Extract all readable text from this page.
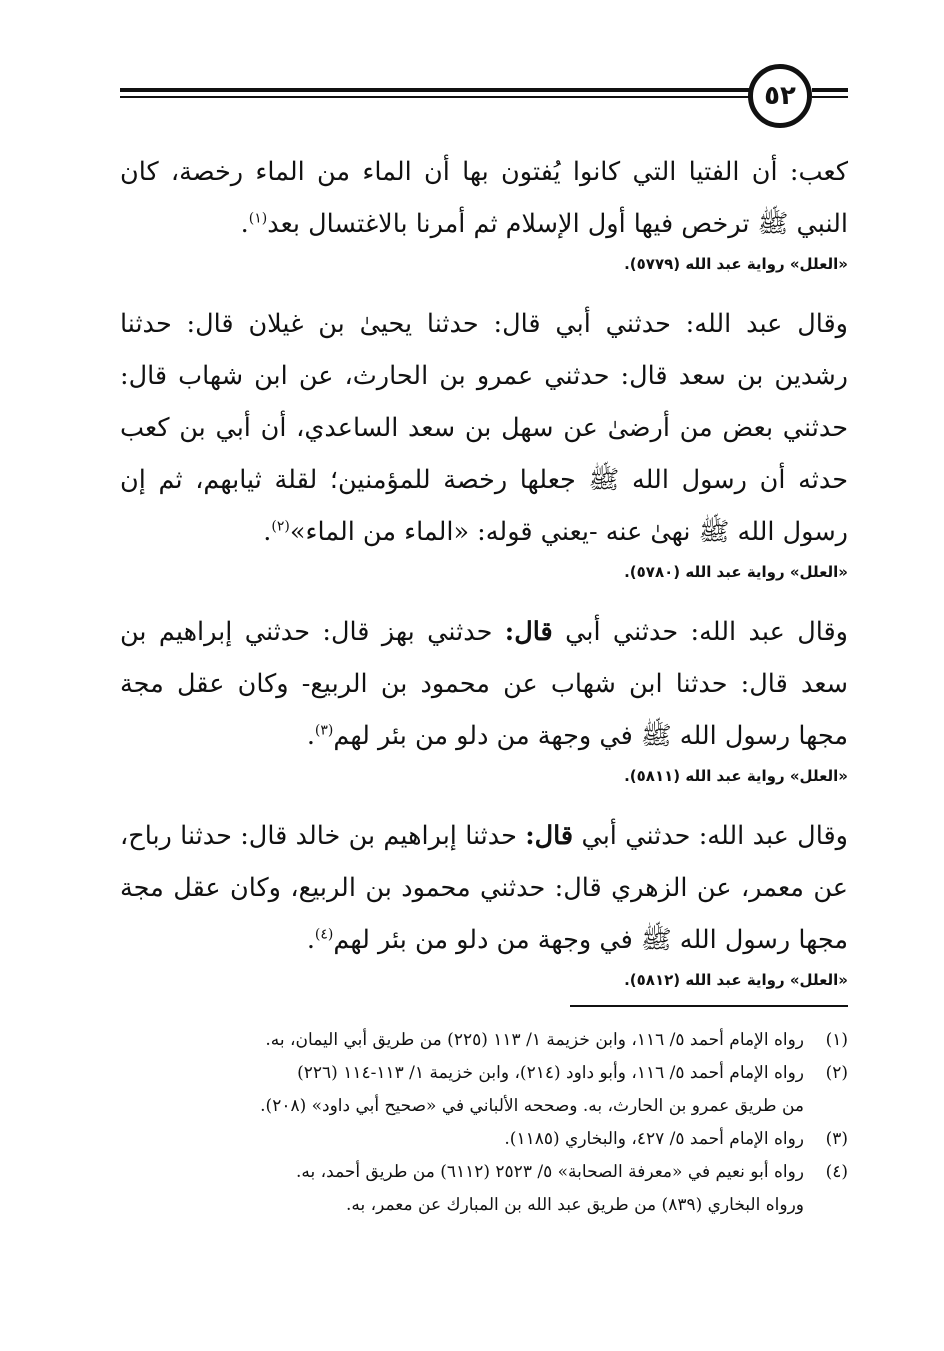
٥٢

كعب: أن الفتيا التي كانوا يُفتون بها أن الماء من الماء رخصة، كان النبي ﷺ ترخص فيها أول الإسلام ثم أمرنا بالاغتسال بعد$^{(١)}$.

«العلل» رواية عبد الله (٥٧٧٩).

وقال عبد الله: حدثني أبي قال: حدثنا يحيىٰ بن غيلان قال: حدثنا رشدين بن سعد قال: حدثني عمرو بن الحارث، عن ابن شهاب قال: حدثني بعض من أرضىٰ عن سهل بن سعد الساعدي، أن أبي بن كعب حدثه أن رسول الله ﷺ جعلها رخصة للمؤمنين؛ لقلة ثيابهم، ثم إن رسول الله ﷺ نهىٰ عنه -يعني قوله: «الماء من الماء»$^{(٢)}$.

«العلل» رواية عبد الله (٥٧٨٠).

وقال عبد الله: حدثني أبي قال: حدثني بهز قال: حدثني إبراهيم بن سعد قال: حدثنا ابن شهاب عن محمود بن الربيع- وكان عقل مجة مجها رسول الله ﷺ في وجهة من دلو من بئر لهم$^{(٣)}$.

«العلل» رواية عبد الله (٥٨١١).

وقال عبد الله: حدثني أبي قال: حدثنا إبراهيم بن خالد قال: حدثنا رباح، عن معمر، عن الزهري قال: حدثني محمود بن الربيع، وكان عقل مجة مجها رسول الله ﷺ في وجهة من دلو من بئر لهم$^{(٤)}$.

«العلل» رواية عبد الله (٥٨١٢).

(١)رواه الإمام أحمد ٥/ ١١٦، وابن خزيمة ١/ ١١٣ (٢٢٥) من طريق أبي اليمان، به.

(٢)رواه الإمام أحمد ٥/ ١١٦، وأبو داود (٢١٤)، وابن خزيمة ١/ ١١٣-١١٤ (٢٢٦)

من طريق عمرو بن الحارث، به. وصححه الألباني في «صحيح أبي داود» (٢٠٨).

(٣)رواه الإمام أحمد ٥/ ٤٢٧، والبخاري (١١٨٥).

(٤)رواه أبو نعيم في «معرفة الصحابة» ٥/ ٢٥٢٣ (٦١١٢) من طريق أحمد، به.

ورواه البخاري (٨٣٩) من طريق عبد الله بن المبارك عن معمر، به.
